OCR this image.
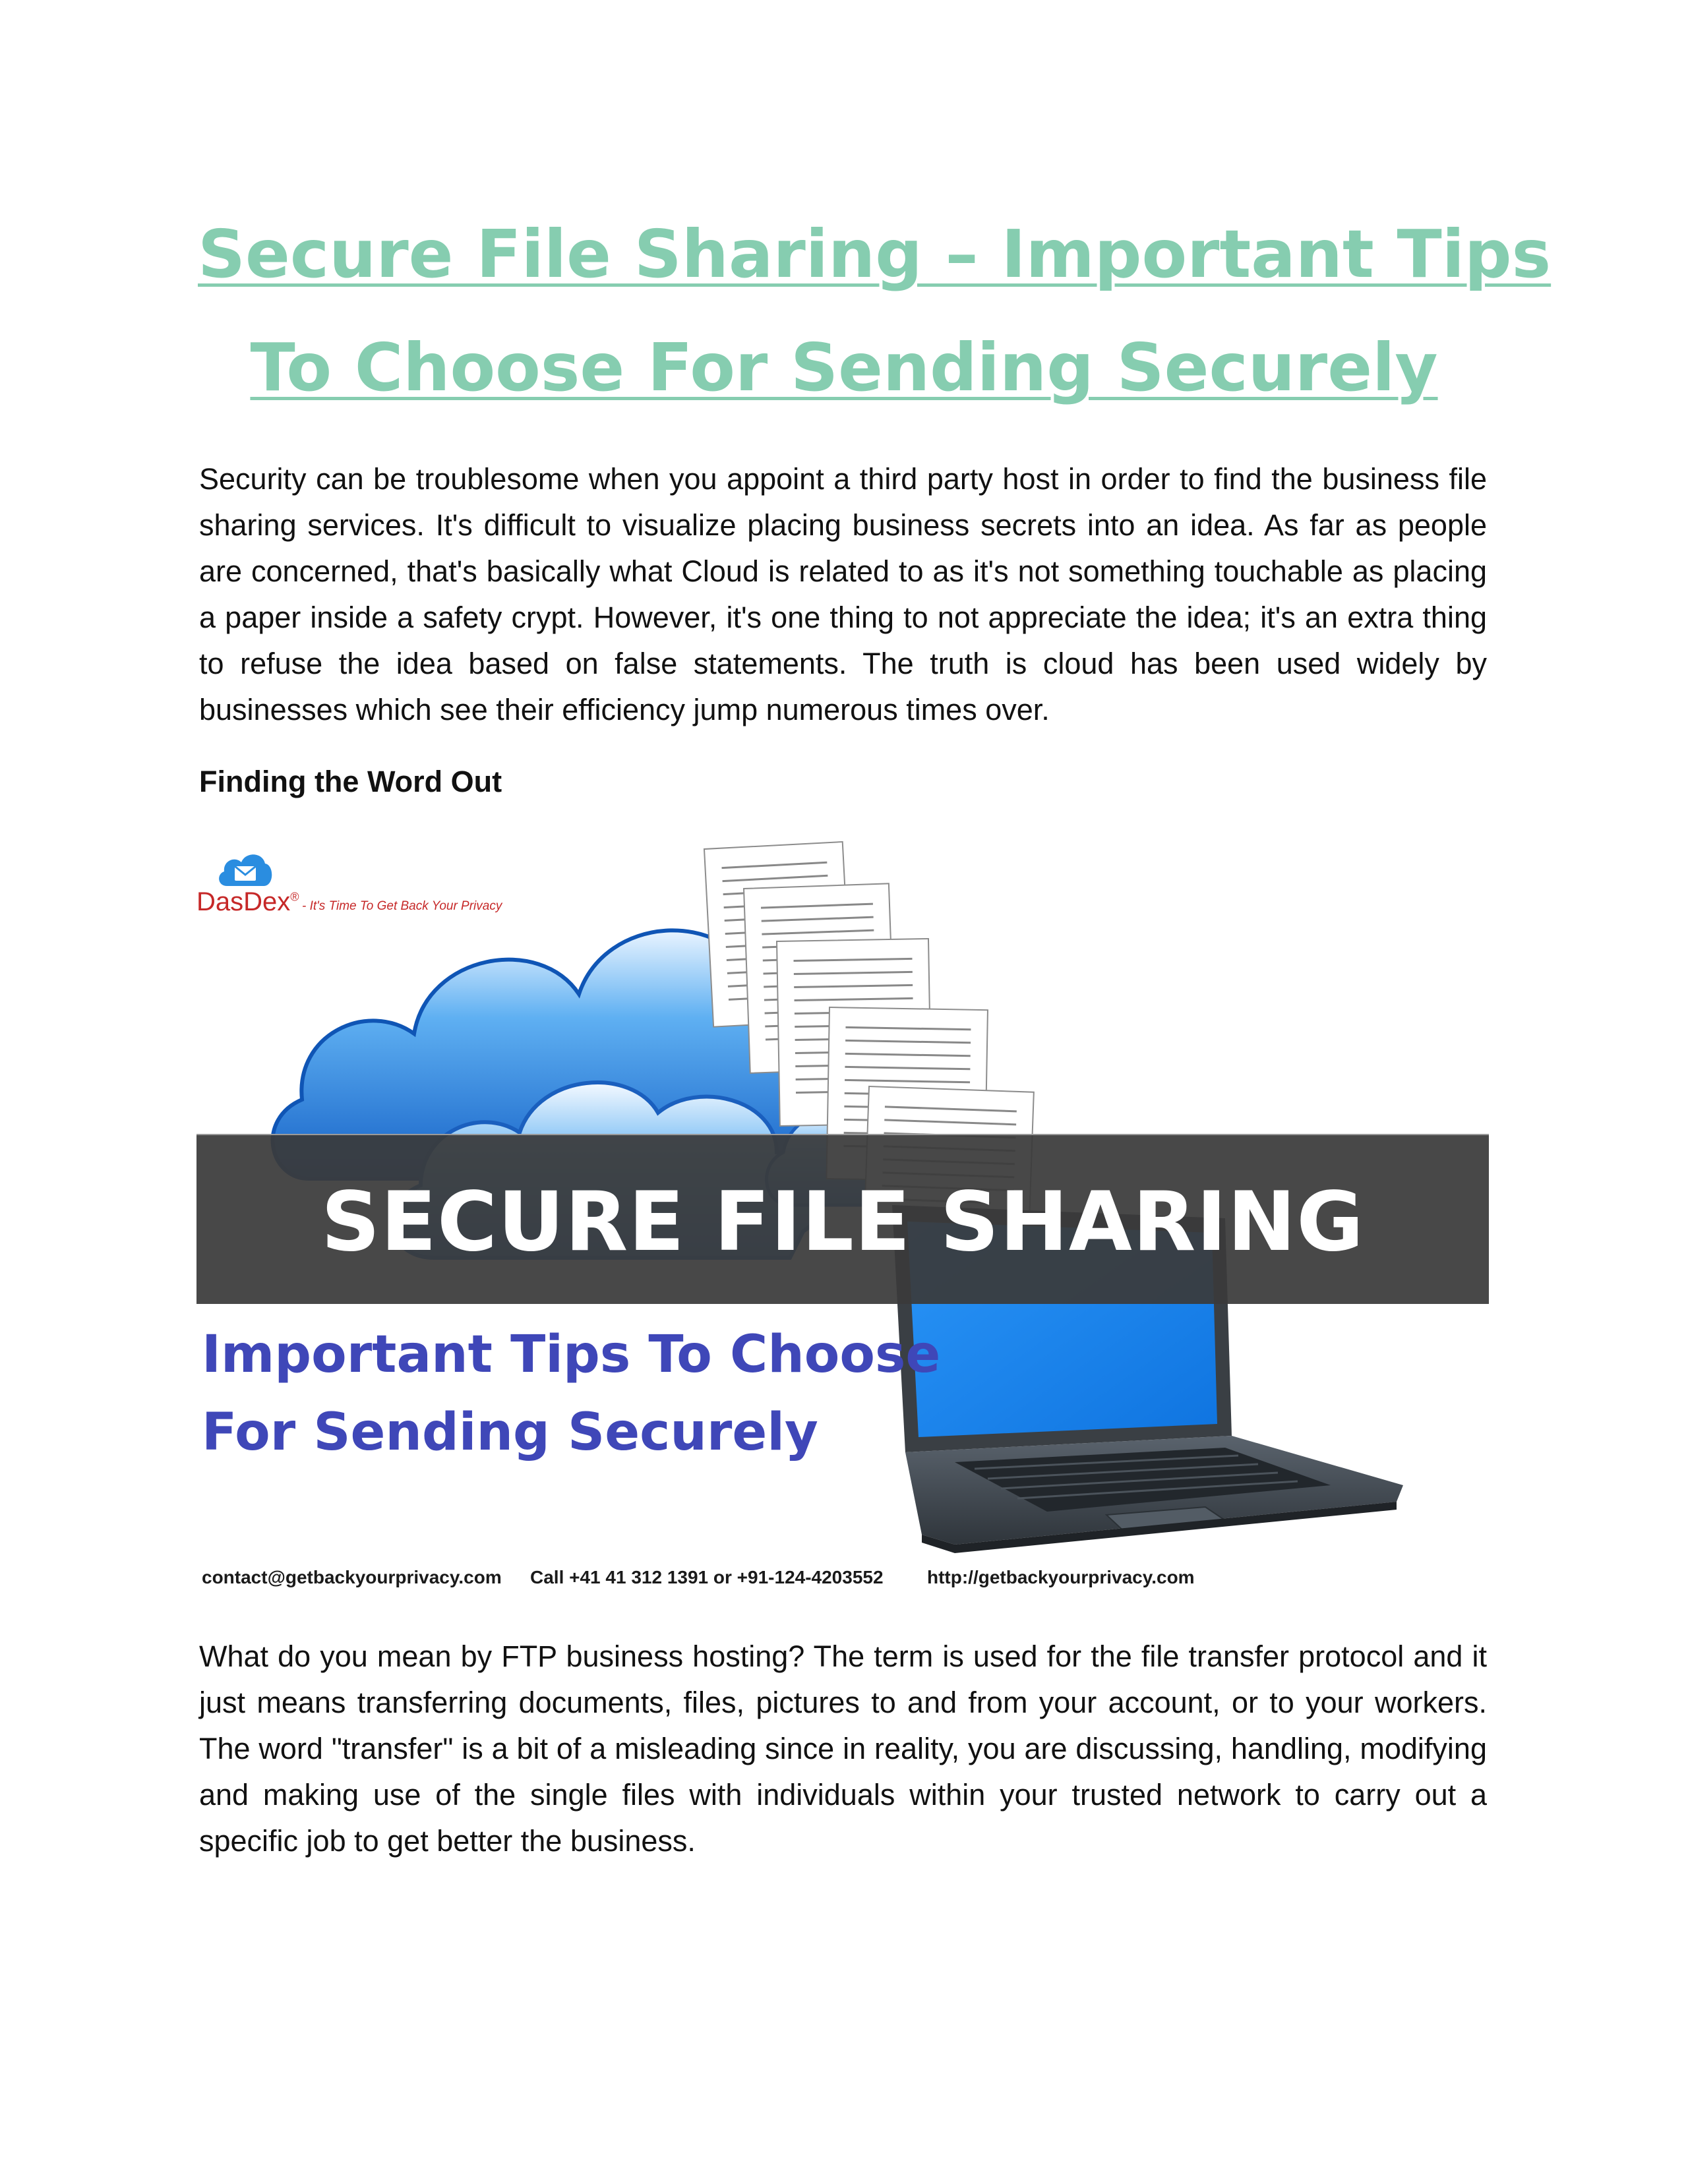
Secure File Sharing – Important Tips
To Choose For Sending Securely

Security can be troublesome when you appoint a third party host in order to find the business file sharing services. It's difficult to visualize placing business secrets into an idea. As far as people are concerned, that's basically what Cloud is related to as it's not something touchable as placing a paper inside a safety crypt. However, it's one thing to not appreciate the idea; it's an extra thing to refuse the idea based on false statements. The truth is cloud has been used widely by businesses which see their efficiency jump numerous times over.

Finding the Word Out
DasDex®
- It's Time To Get Back Your Privacy
SECURE FILE SHARING
Important Tips To Choose
For Sending Securely
contact@getbackyourprivacy.com Call +41 41 312 1391 or +91-124-4203552 http://getbackyourprivacy.com

What do you mean by FTP business hosting? The term is used for the file transfer protocol and it just means transferring documents, files, pictures to and from your account, or to your workers. The word "transfer" is a bit of a misleading since in reality, you are discussing, handling, modifying and making use of the single files with individuals within your trusted network to carry out a specific job to get better the business.
